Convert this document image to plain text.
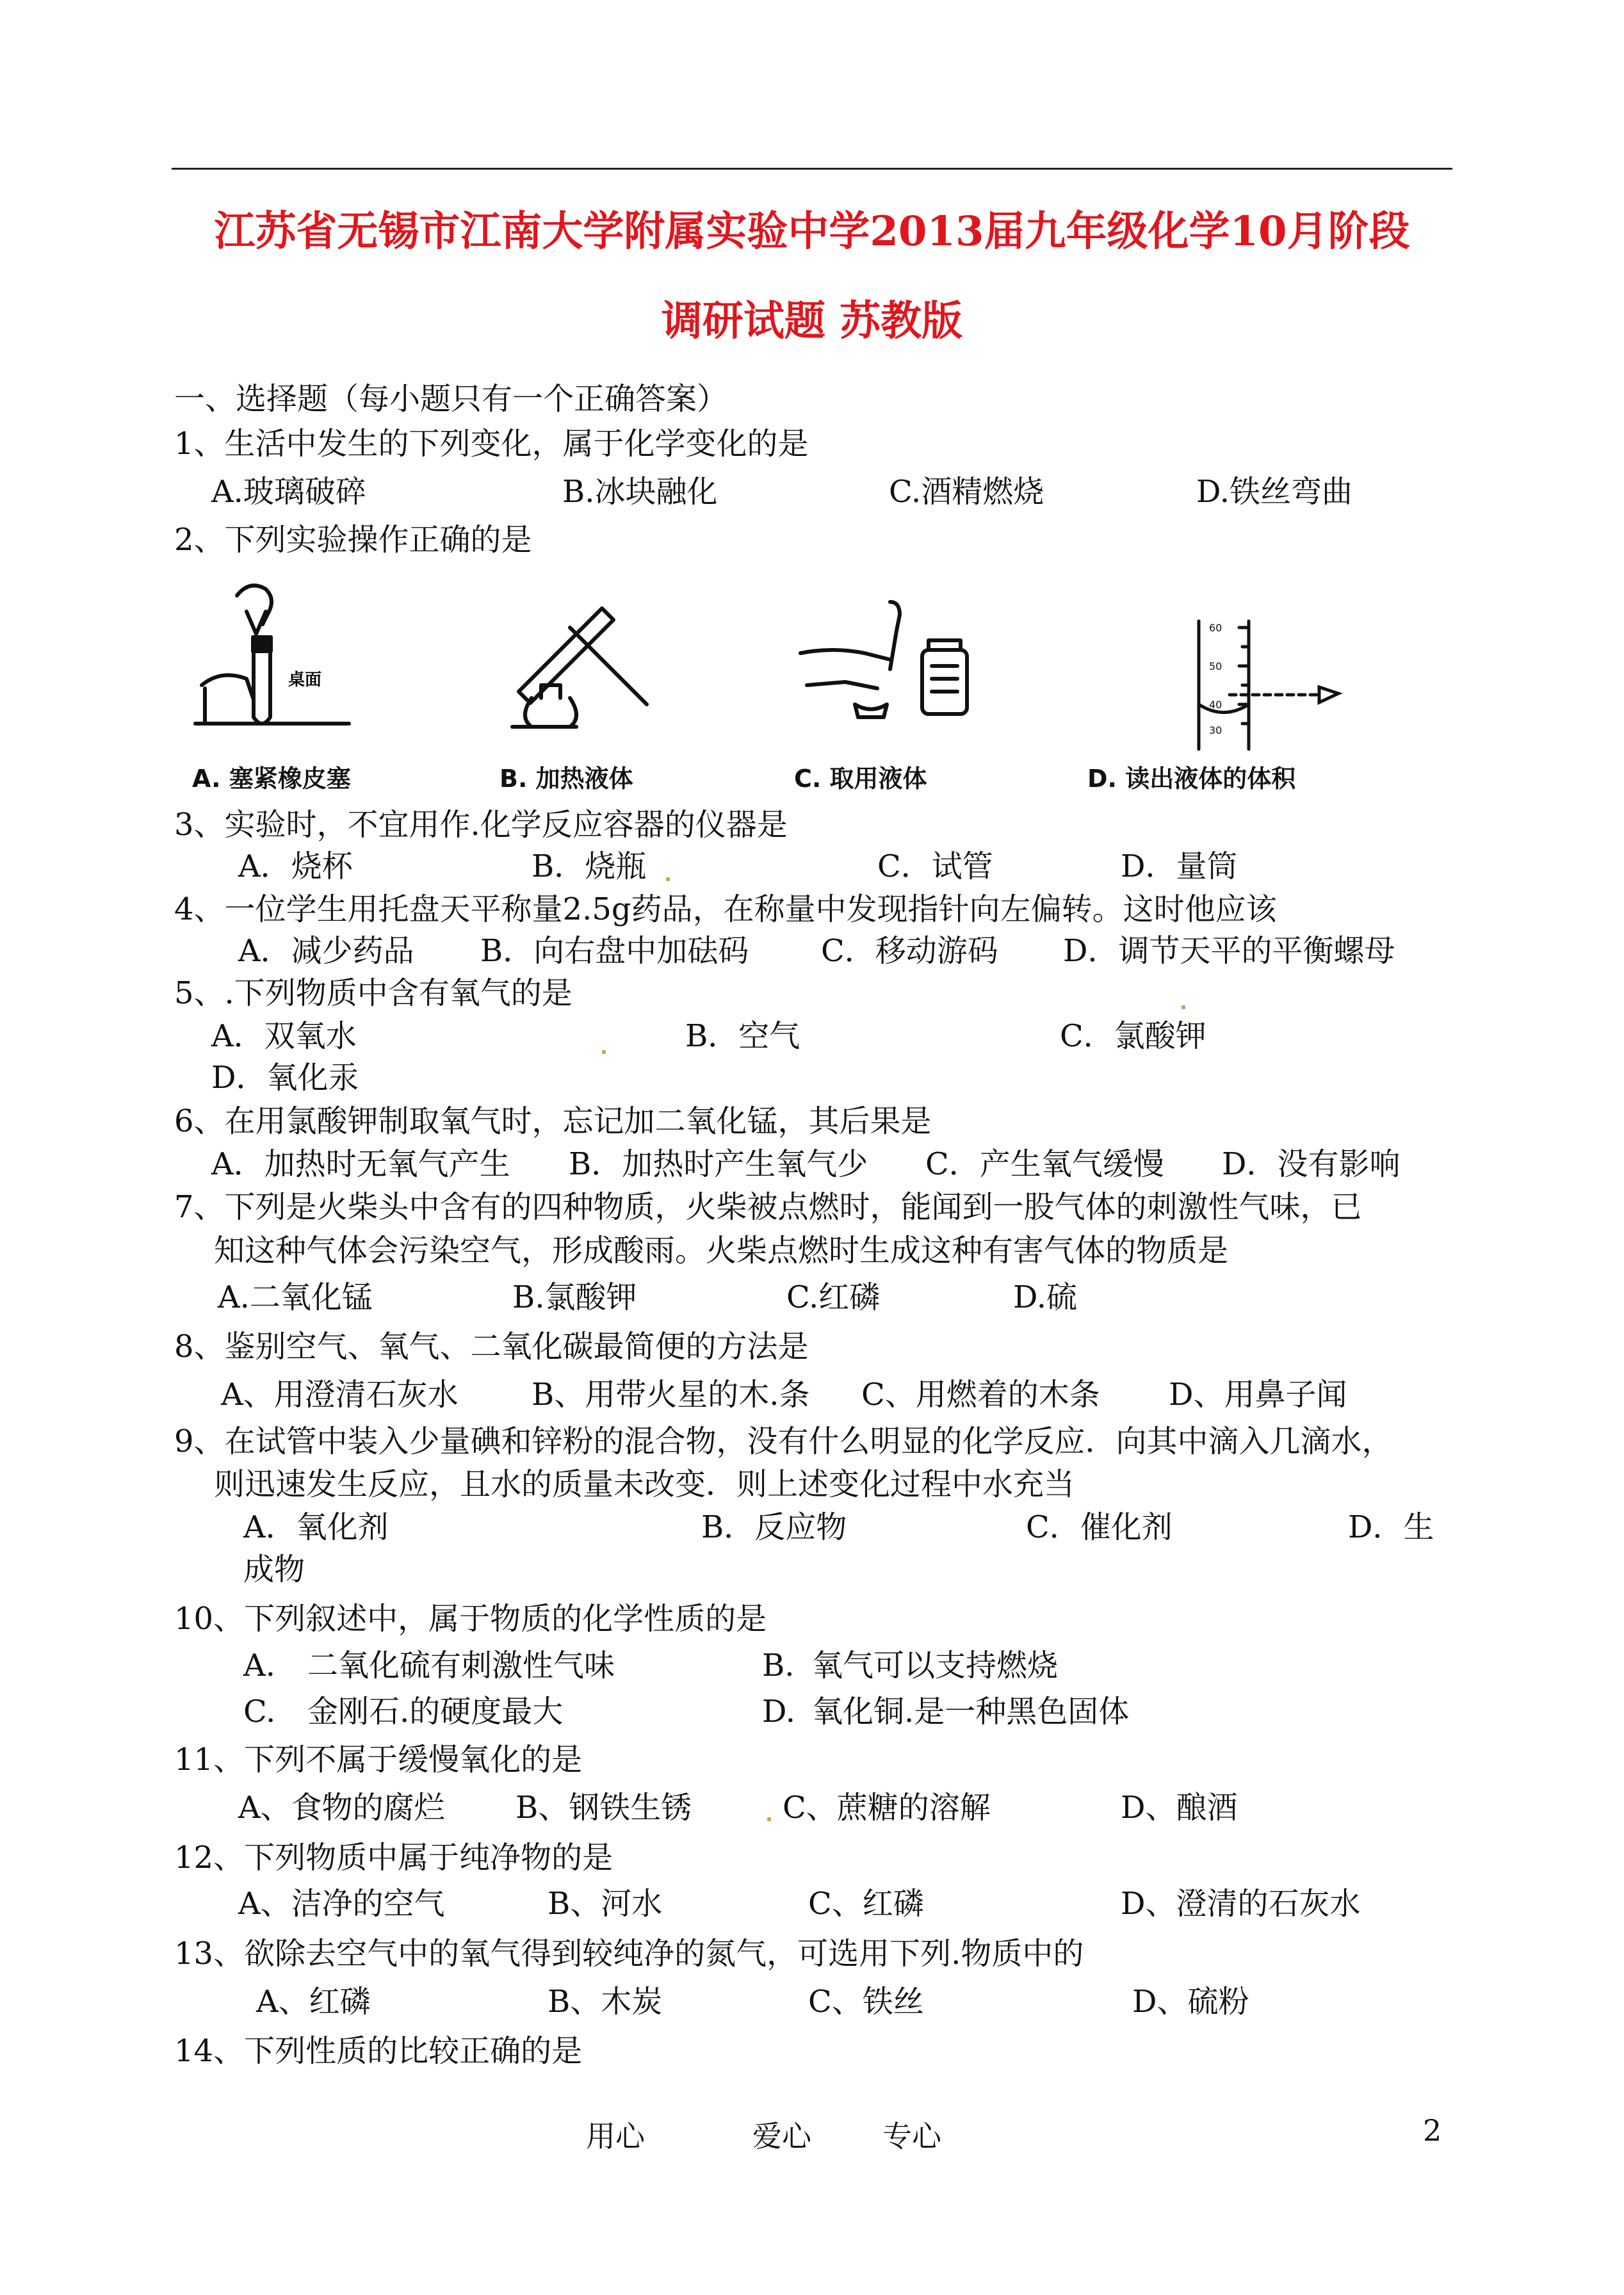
江苏省无锡市江南大学附属实验中学2013届九年级化学10月阶段
调研试题 苏教版
一、选择题（每小题只有一个正确答案）
1、生活中发生的下列变化，属于化学变化的是
A.玻璃破碎	B.冰块融化	C.酒精燃烧	D.铁丝弯曲
2、下列实验操作正确的是
桌面
A. 塞紧橡皮塞	B. 加热液体	C. 取用液体
60
50
40
30
D. 读出液体的体积
3、实验时，不宜用作.化学反应容器的仪器是
A．烧杯	B．烧瓶	C．试管	D．量筒
4、一位学生用托盘天平称量2.5g药品，在称量中发现指针向左偏转。这时他应该
A．减少药品 B．向右盘中加砝码 C．移动游码 D．调节天平的平衡螺母
5、.下列物质中含有氧气的是
A．双氧水	B．空气	C．氯酸钾
D．氧化汞
6、在用氯酸钾制取氧气时，忘记加二氧化锰，其后果是
A．加热时无氧气产生 B．加热时产生氧气少 C．产生氧气缓慢 D．没有影响
7、下列是火柴头中含有的四种物质，火柴被点燃时，能闻到一股气体的刺激性气味，已
知这种气体会污染空气，形成酸雨。火柴点燃时生成这种有害气体的物质是
A.二氧化锰	B.氯酸钾	C.红磷	D.硫
8、鉴别空气、氧气、二氧化碳最简便的方法是
A、用澄清石灰水 B、用带火星的木.条 C、用燃着的木条 D、用鼻子闻
9、在试管中装入少量碘和锌粉的混合物，没有什么明显的化学反应．向其中滴入几滴水，
则迅速发生反应，且水的质量未改变．则上述变化过程中水充当
A．氧化剂	B．反应物	C．催化剂	D．生
成物
10、下列叙述中，属于物质的化学性质的是
A. 二氧化硫有刺激性气味	B. 氧气可以支持燃烧
C. 金刚石.的硬度最大	D. 氧化铜.是一种黑色固体
11、下列不属于缓慢氧化的是
A、食物的腐烂 B、钢铁生锈	C、蔗糖的溶解	D、酿酒
12、下列物质中属于纯净物的是
A、洁净的空气	B、河水	C、红磷	D、澄清的石灰水
13、欲除去空气中的氧气得到较纯净的氮气，可选用下列.物质中的
A、红磷	B、木炭	C、铁丝	D、硫粉
14、下列性质的比较正确的是
用心	爱心 专心	2
